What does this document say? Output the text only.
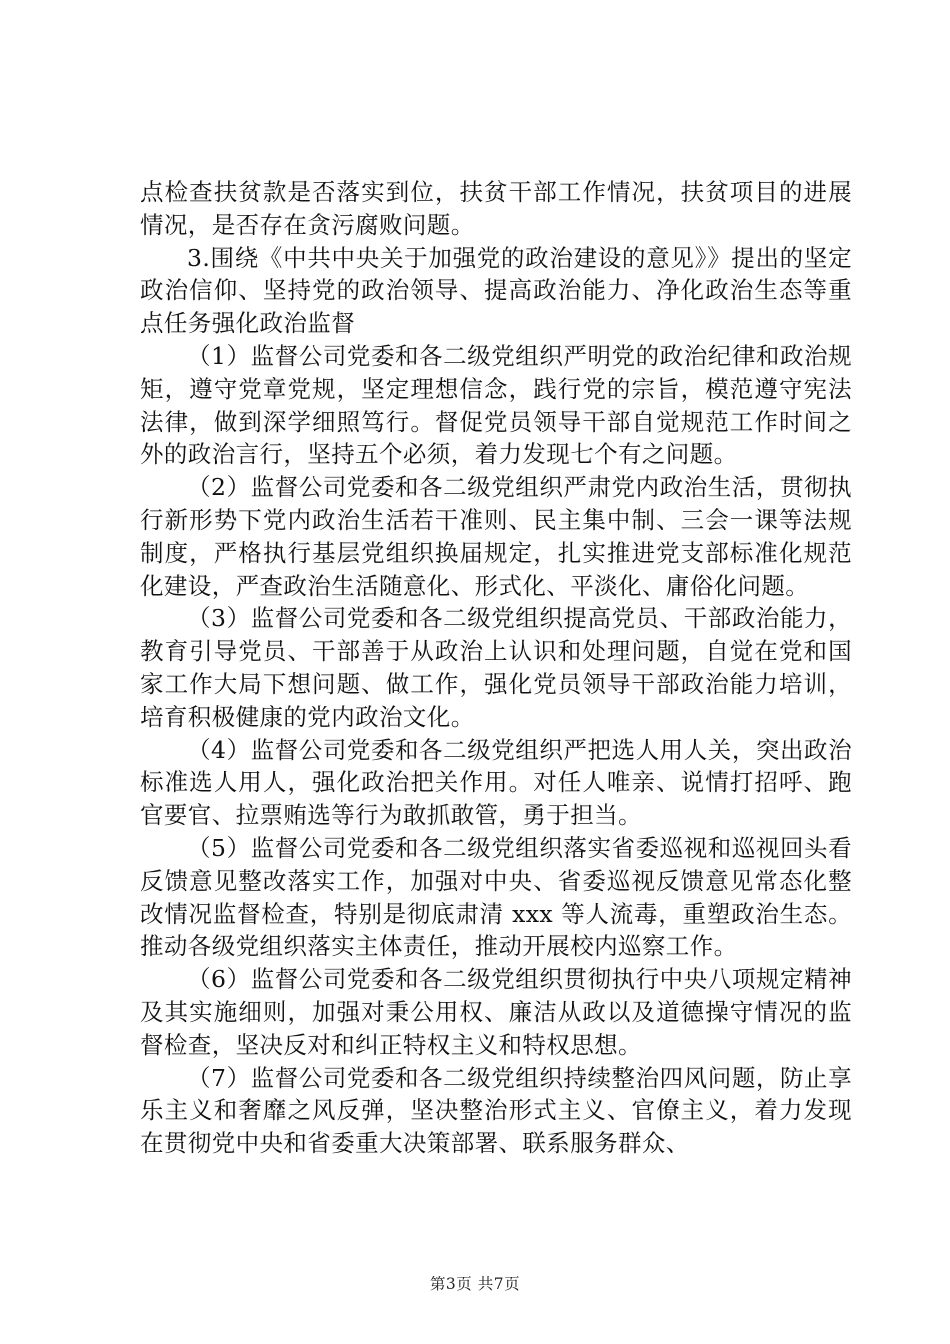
点检查扶贫款是否落实到位，扶贫干部工作情况，扶贫项目的进展情况，是否存在贪污腐败问题。

3.围绕《中共中央关于加强党的政治建设的意见》》提出的坚定政治信仰、坚持党的政治领导、提高政治能力、净化政治生态等重点任务强化政治监督

（1）监督公司党委和各二级党组织严明党的政治纪律和政治规矩，遵守党章党规，坚定理想信念，践行党的宗旨，模范遵守宪法法律，做到深学细照笃行。督促党员领导干部自觉规范工作时间之外的政治言行，坚持五个必须，着力发现七个有之问题。

（2）监督公司党委和各二级党组织严肃党内政治生活，贯彻执行新形势下党内政治生活若干准则、民主集中制、三会一课等法规制度，严格执行基层党组织换届规定，扎实推进党支部标准化规范化建设，严查政治生活随意化、形式化、平淡化、庸俗化问题。

（3）监督公司党委和各二级党组织提高党员、干部政治能力，教育引导党员、干部善于从政治上认识和处理问题，自觉在党和国家工作大局下想问题、做工作，强化党员领导干部政治能力培训，培育积极健康的党内政治文化。

（4）监督公司党委和各二级党组织严把选人用人关，突出政治标准选人用人，强化政治把关作用。对任人唯亲、说情打招呼、跑官要官、拉票贿选等行为敢抓敢管，勇于担当。

（5）监督公司党委和各二级党组织落实省委巡视和巡视回头看反馈意见整改落实工作，加强对中央、省委巡视反馈意见常态化整改情况监督检查，特别是彻底肃清 xxx 等人流毒，重塑政治生态。推动各级党组织落实主体责任，推动开展校内巡察工作。

（6）监督公司党委和各二级党组织贯彻执行中央八项规定精神及其实施细则，加强对秉公用权、廉洁从政以及道德操守情况的监督检查，坚决反对和纠正特权主义和特权思想。

（7）监督公司党委和各二级党组织持续整治四风问题，防止享乐主义和奢靡之风反弹，坚决整治形式主义、官僚主义，着力发现在贯彻党中央和省委重大决策部署、联系服务群众、

第3页 共7页
